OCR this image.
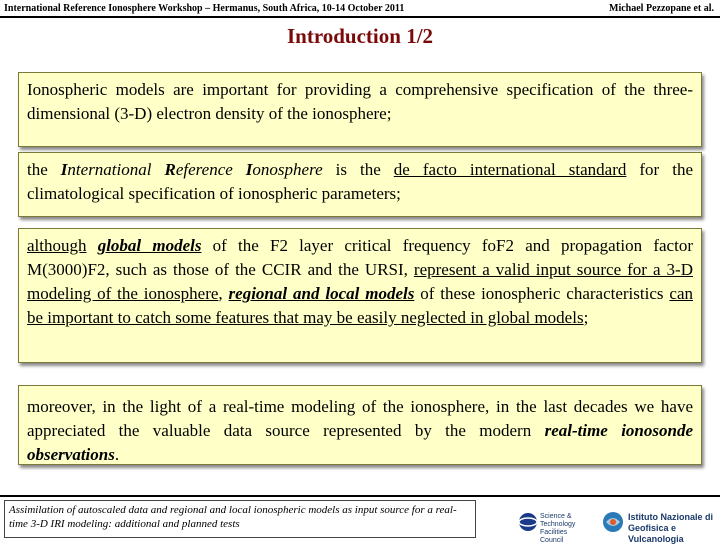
International Reference Ionosphere Workshop – Hermanus, South Africa, 10-14 October 2011	Michael Pezzopane et al.
Introduction 1/2
Ionospheric models are important for providing a comprehensive specification of the three-dimensional (3-D) electron density of the ionosphere;
the International Reference Ionosphere is the de facto international standard for the climatological specification of ionospheric parameters;
although global models of the F2 layer critical frequency foF2 and propagation factor M(3000)F2, such as those of the CCIR and the URSI, represent a valid input source for a 3-D modeling of the ionosphere, regional and local models of these ionospheric characteristics can be important to catch some features that may be easily neglected in global models;
moreover, in the light of a real-time modeling of the ionosphere, in the last decades we have appreciated the valuable data source represented by the modern real-time ionosonde observations.
Assimilation of autoscaled data and regional and local ionospheric models as input source for a real-time 3-D IRI modeling: additional and planned tests
Science & Technology Facilities Council
Istituto Nazionale di
Geofisica e Vulcanologia
